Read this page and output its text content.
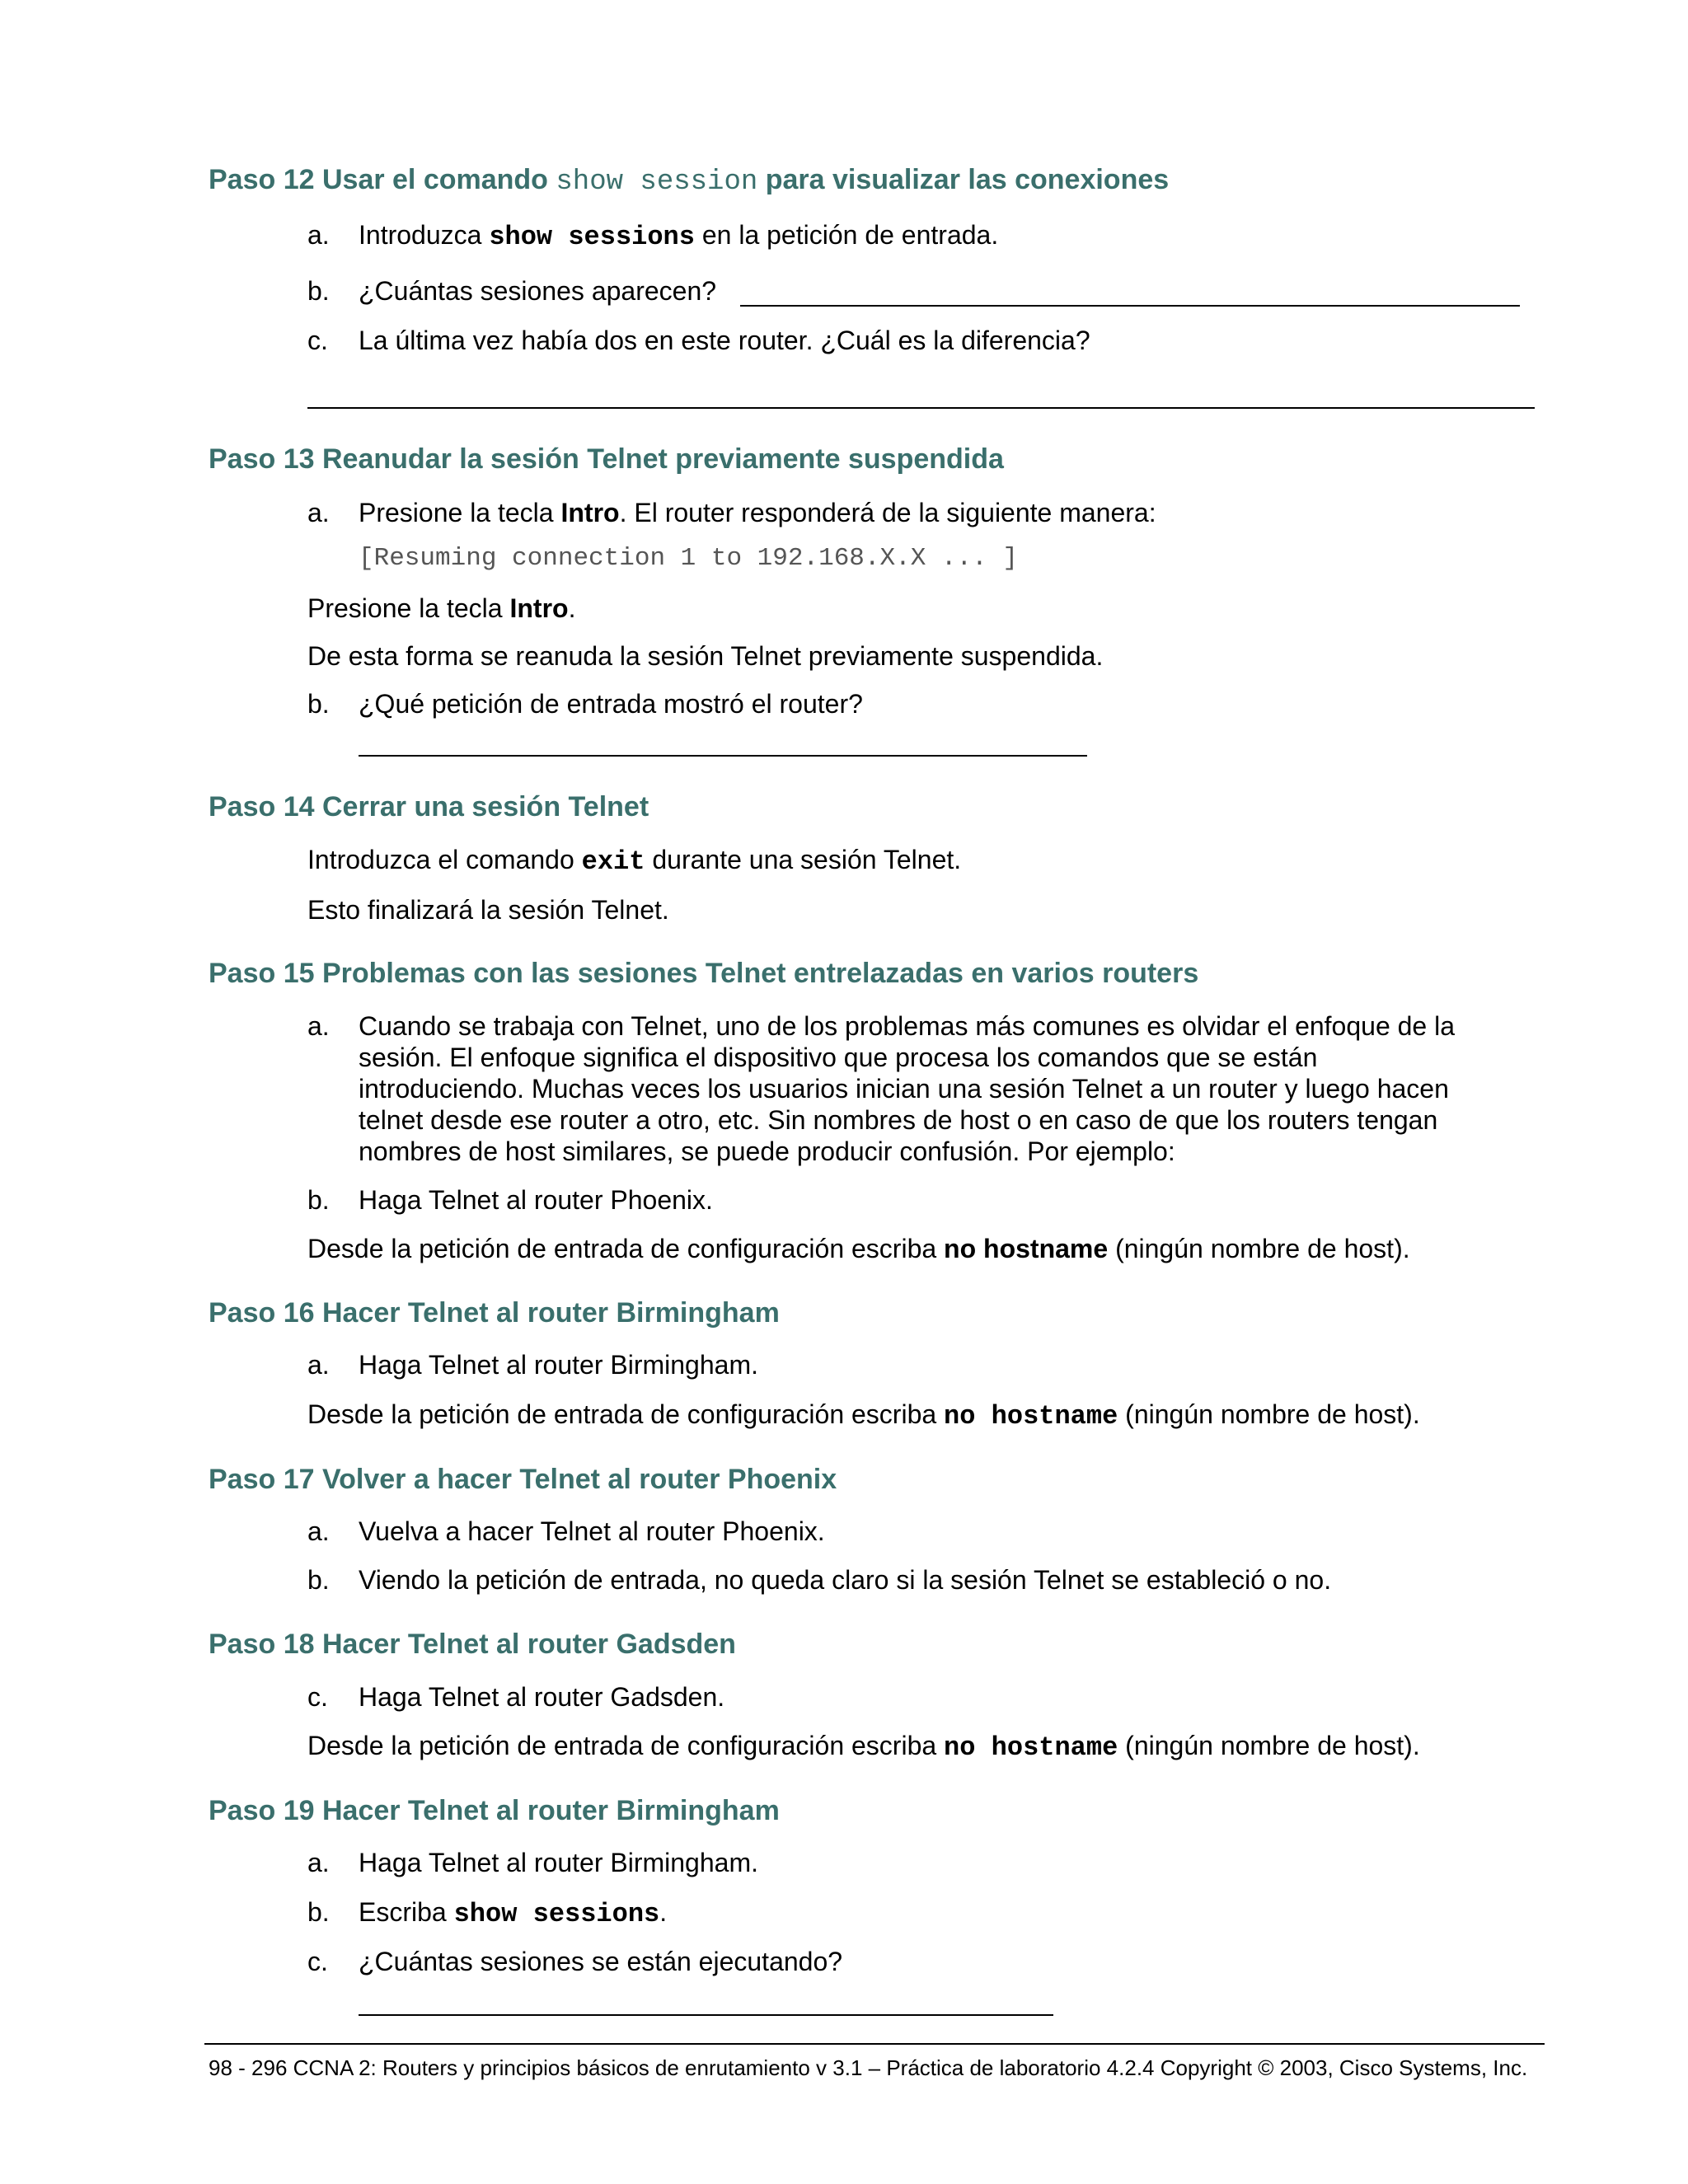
Paso 12 Usar el comando show session para visualizar las conexiones
a. Introduzca show sessions en la petición de entrada.
b. ¿Cuántas sesiones aparecen?
c. La última vez había dos en este router. ¿Cuál es la diferencia?
Paso 13 Reanudar la sesión Telnet previamente suspendida
a. Presione la tecla Intro. El router responderá de la siguiente manera:
[Resuming connection 1 to 192.168.X.X ... ]
Presione la tecla Intro.
De esta forma se reanuda la sesión Telnet previamente suspendida.
b. ¿Qué petición de entrada mostró el router?
Paso 14 Cerrar una sesión Telnet
Introduzca el comando exit durante una sesión Telnet.
Esto finalizará la sesión Telnet.
Paso 15 Problemas con las sesiones Telnet entrelazadas en varios routers
a. Cuando se trabaja con Telnet, uno de los problemas más comunes es olvidar el enfoque de la
sesión. El enfoque significa el dispositivo que procesa los comandos que se están
introduciendo. Muchas veces los usuarios inician una sesión Telnet a un router y luego hacen
telnet desde ese router a otro, etc. Sin nombres de host o en caso de que los routers tengan
nombres de host similares, se puede producir confusión. Por ejemplo:
b. Haga Telnet al router Phoenix.
Desde la petición de entrada de configuración escriba no hostname (ningún nombre de host).
Paso 16 Hacer Telnet al router Birmingham
a. Haga Telnet al router Birmingham.
Desde la petición de entrada de configuración escriba no hostname (ningún nombre de host).
Paso 17 Volver a hacer Telnet al router Phoenix
a. Vuelva a hacer Telnet al router Phoenix.
b. Viendo la petición de entrada, no queda claro si la sesión Telnet se estableció o no.
Paso 18 Hacer Telnet al router Gadsden
c. Haga Telnet al router Gadsden.
Desde la petición de entrada de configuración escriba no hostname (ningún nombre de host).
Paso 19 Hacer Telnet al router Birmingham
a. Haga Telnet al router Birmingham.
b. Escriba show sessions.
c. ¿Cuántas sesiones se están ejecutando?
98 - 296 CCNA 2: Routers y principios básicos de enrutamiento v 3.1 – Práctica de laboratorio 4.2.4 Copyright © 2003, Cisco Systems, Inc.
